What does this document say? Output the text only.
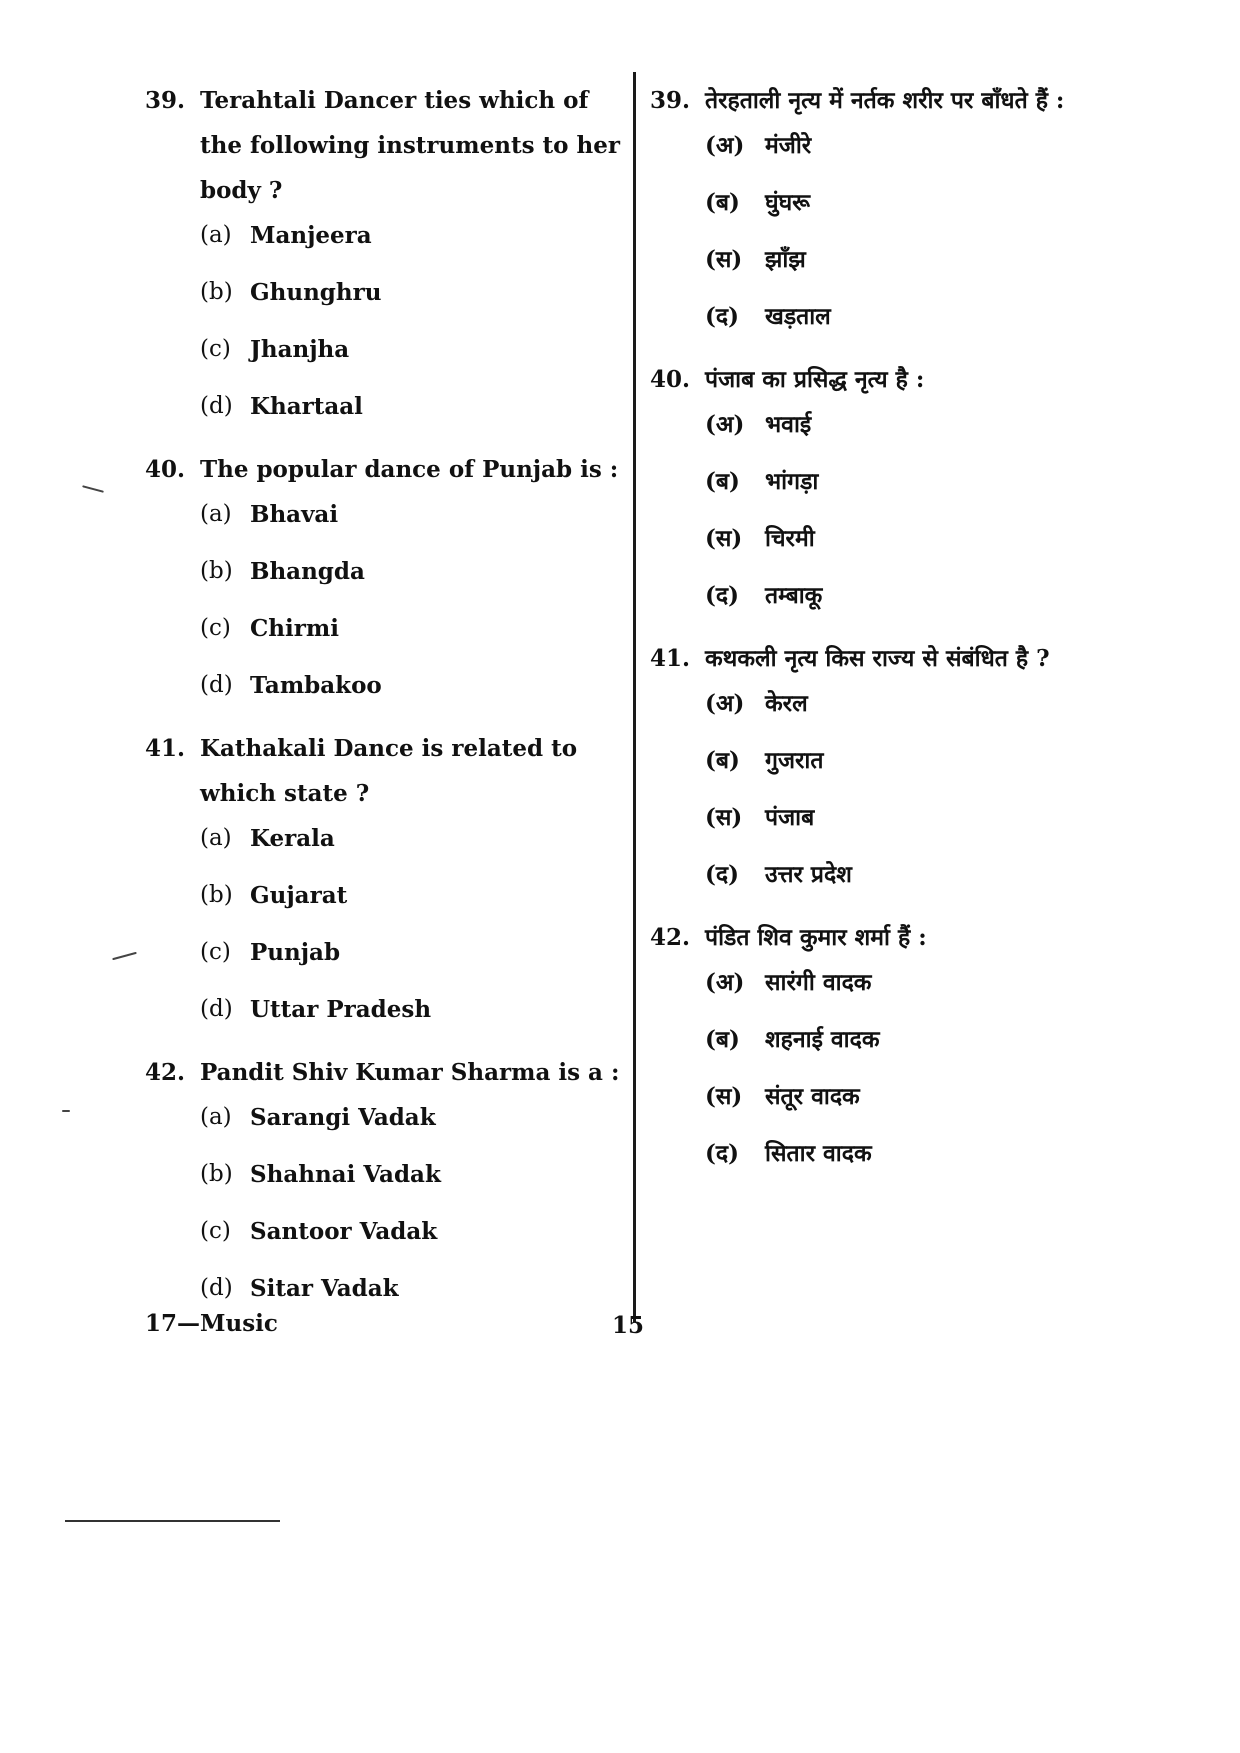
39. Terahtali Dancer ties which of the following instruments to her body ?
(a) Manjeera
(b) Ghunghru
(c) Jhanjha
(d) Khartaal
40. The popular dance of Punjab is :
(a) Bhavai
(b) Bhangda
(c) Chirmi
(d) Tambakoo
41. Kathakali Dance is related to which state ?
(a) Kerala
(b) Gujarat
(c) Punjab
(d) Uttar Pradesh
42. Pandit Shiv Kumar Sharma is a :
(a) Sarangi Vadak
(b) Shahnai Vadak
(c) Santoor Vadak
(d) Sitar Vadak
39. तेरहताली नृत्य में नर्तक शरीर पर बाँधते हैं :
(अ) मंजीरे
(ब)	घुंघरू
(स) झाँझ
(द)	खड़ताल
40. पंजाब का प्रसिद्ध नृत्य है :
(अ) भवाई
(ब)	भांगड़ा
(स) चिरमी
(द)	तम्बाकू
41. कथकली नृत्य किस राज्य से संबंधित है ?
(अ) केरल
(ब)	गुजरात
(स) पंजाब
(द)	उत्तर प्रदेश
42. पंडित शिव कुमार शर्मा हैं :
(अ) सारंगी वादक
(ब)	शहनाई वादक
(स) संतूर वादक
(द)	सितार वादक
17—Music	15
